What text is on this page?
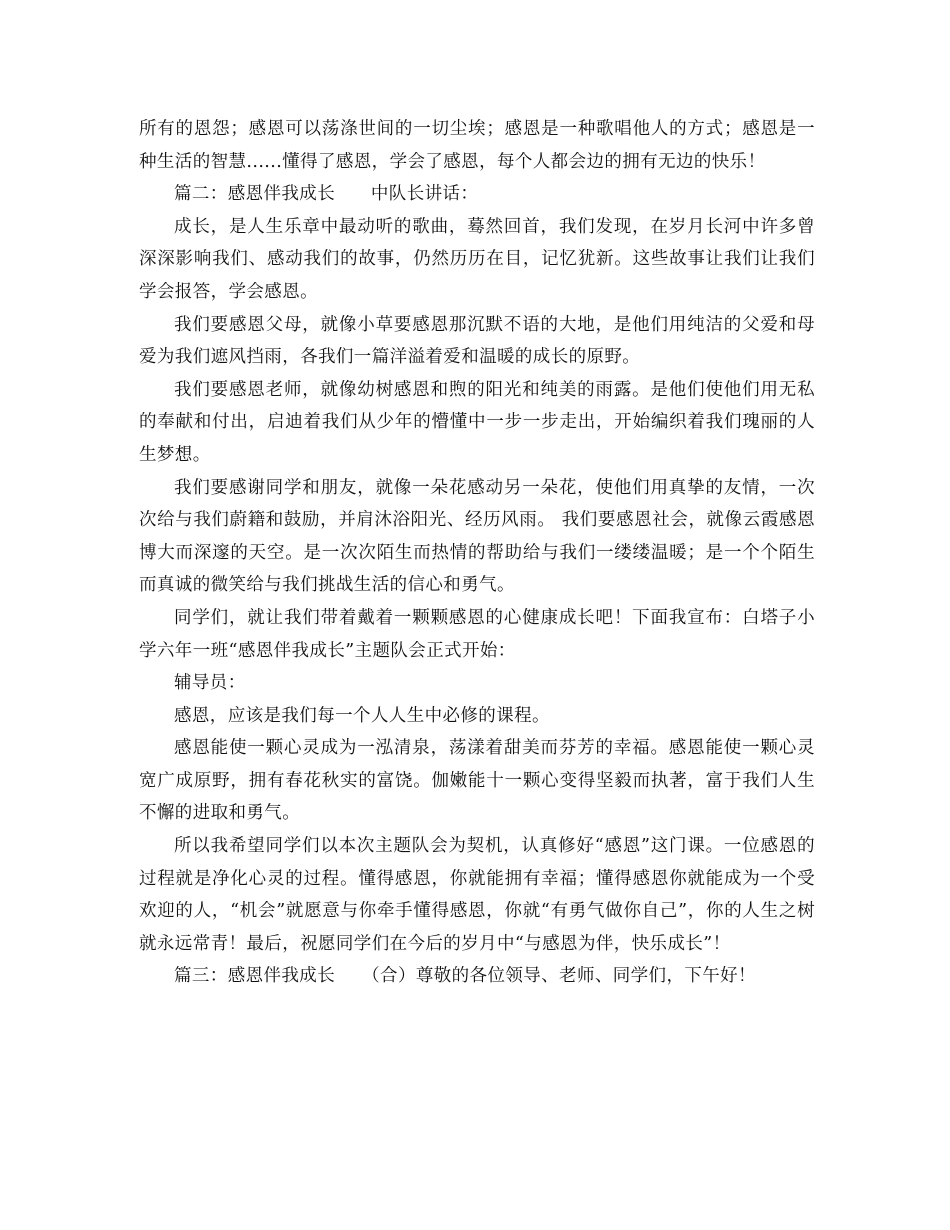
所有的恩怨；感恩可以荡涤世间的一切尘埃；感恩是一种歌唱他人的方式；感恩是一种生活的智慧......懂得了感恩，学会了感恩，每个人都会边的拥有无边的快乐！

篇二：感恩伴我成长　　中队长讲话：

成长，是人生乐章中最动听的歌曲，蓦然回首，我们发现，在岁月长河中许多曾深深影响我们、感动我们的故事，仍然历历在目，记忆犹新。这些故事让我们让我们学会报答，学会感恩。

我们要感恩父母，就像小草要感恩那沉默不语的大地，是他们用纯洁的父爱和母爱为我们遮风挡雨，各我们一篇洋溢着爱和温暖的成长的原野。

我们要感恩老师，就像幼树感恩和煦的阳光和纯美的雨露。是他们使他们用无私的奉献和付出，启迪着我们从少年的懵懂中一步一步走出，开始编织着我们瑰丽的人生梦想。

我们要感谢同学和朋友，就像一朵花感动另一朵花，使他们用真挚的友情，一次次给与我们蔚籍和鼓励，并肩沐浴阳光、经历风雨。 我们要感恩社会，就像云霞感恩博大而深邃的天空。是一次次陌生而热情的帮助给与我们一缕缕温暖；是一个个陌生而真诚的微笑给与我们挑战生活的信心和勇气。

同学们，就让我们带着戴着一颗颗感恩的心健康成长吧！下面我宣布：白塔子小学六年一班“感恩伴我成长”主题队会正式开始：

辅导员：

感恩，应该是我们每一个人人生中必修的课程。

感恩能使一颗心灵成为一泓清泉，荡漾着甜美而芬芳的幸福。感恩能使一颗心灵宽广成原野，拥有春花秋实的富饶。伽嫩能十一颗心变得坚毅而执著，富于我们人生不懈的进取和勇气。

所以我希望同学们以本次主题队会为契机，认真修好“感恩”这门课。一位感恩的过程就是净化心灵的过程。懂得感恩，你就能拥有幸福；懂得感恩你就能成为一个受欢迎的人，“机会”就愿意与你牵手懂得感恩，你就“有勇气做你自己”，你的人生之树就永远常青！最后，祝愿同学们在今后的岁月中“与感恩为伴，快乐成长”！

篇三：感恩伴我成长　　（合）尊敬的各位领导、老师、同学们，下午好！
